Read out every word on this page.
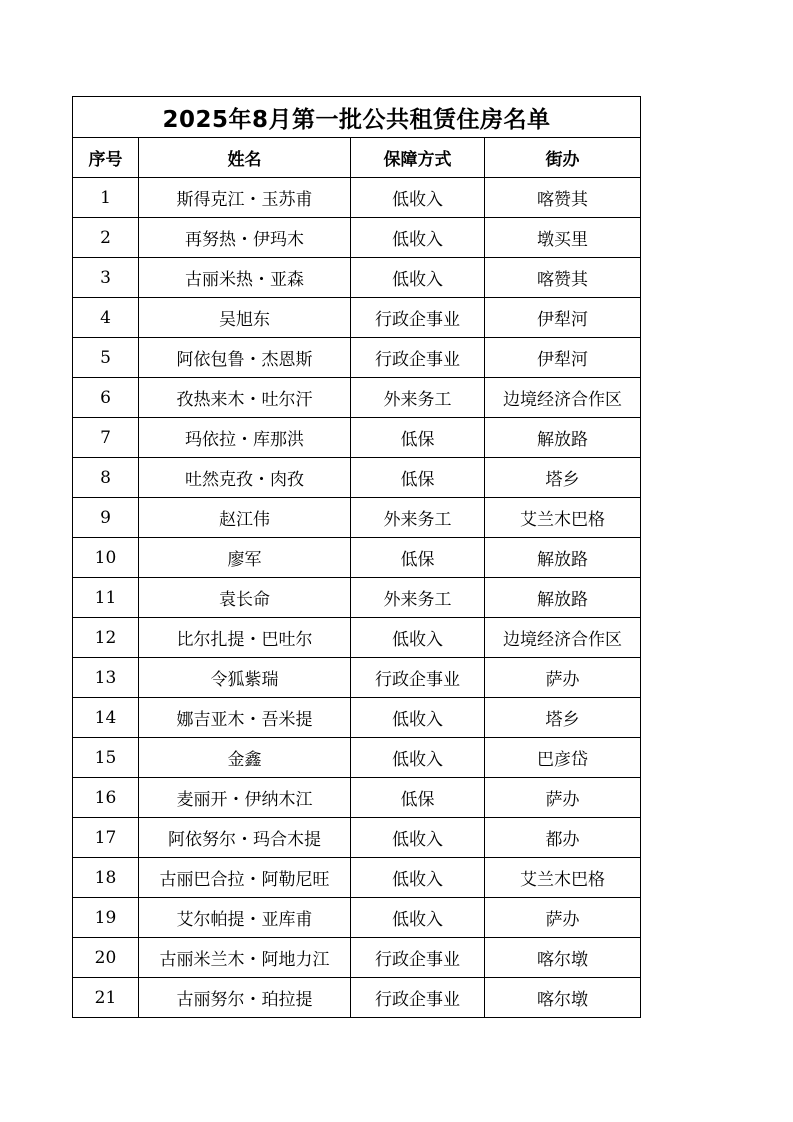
2025年8月第一批公共租赁住房名单			
序号	姓名	保障方式	街办
1	斯得克江・玉苏甫	低收入	喀赞其
2	再努热・伊玛木	低收入	墩买里
3	古丽米热・亚森	低收入	喀赞其
4	吴旭东	行政企事业	伊犁河
5	阿依包鲁・杰恩斯	行政企事业	伊犁河
6	孜热来木・吐尔汗	外来务工	边境经济合作区
7	玛依拉・库那洪	低保	解放路
8	吐然克孜・肉孜	低保	塔乡
9	赵江伟	外来务工	艾兰木巴格
10	廖军	低保	解放路
11	袁长命	外来务工	解放路
12	比尔扎提・巴吐尔	低收入	边境经济合作区
13	令狐紫瑞	行政企事业	萨办
14	娜吉亚木・吾米提	低收入	塔乡
15	金鑫	低收入	巴彦岱
16	麦丽开・伊纳木江	低保	萨办
17	阿依努尔・玛合木提	低收入	都办
18	古丽巴合拉・阿勒尼旺	低收入	艾兰木巴格
19	艾尔帕提・亚库甫	低收入	萨办
20	古丽米兰木・阿地力江	行政企事业	喀尔墩
21	古丽努尔・珀拉提	行政企事业	喀尔墩
